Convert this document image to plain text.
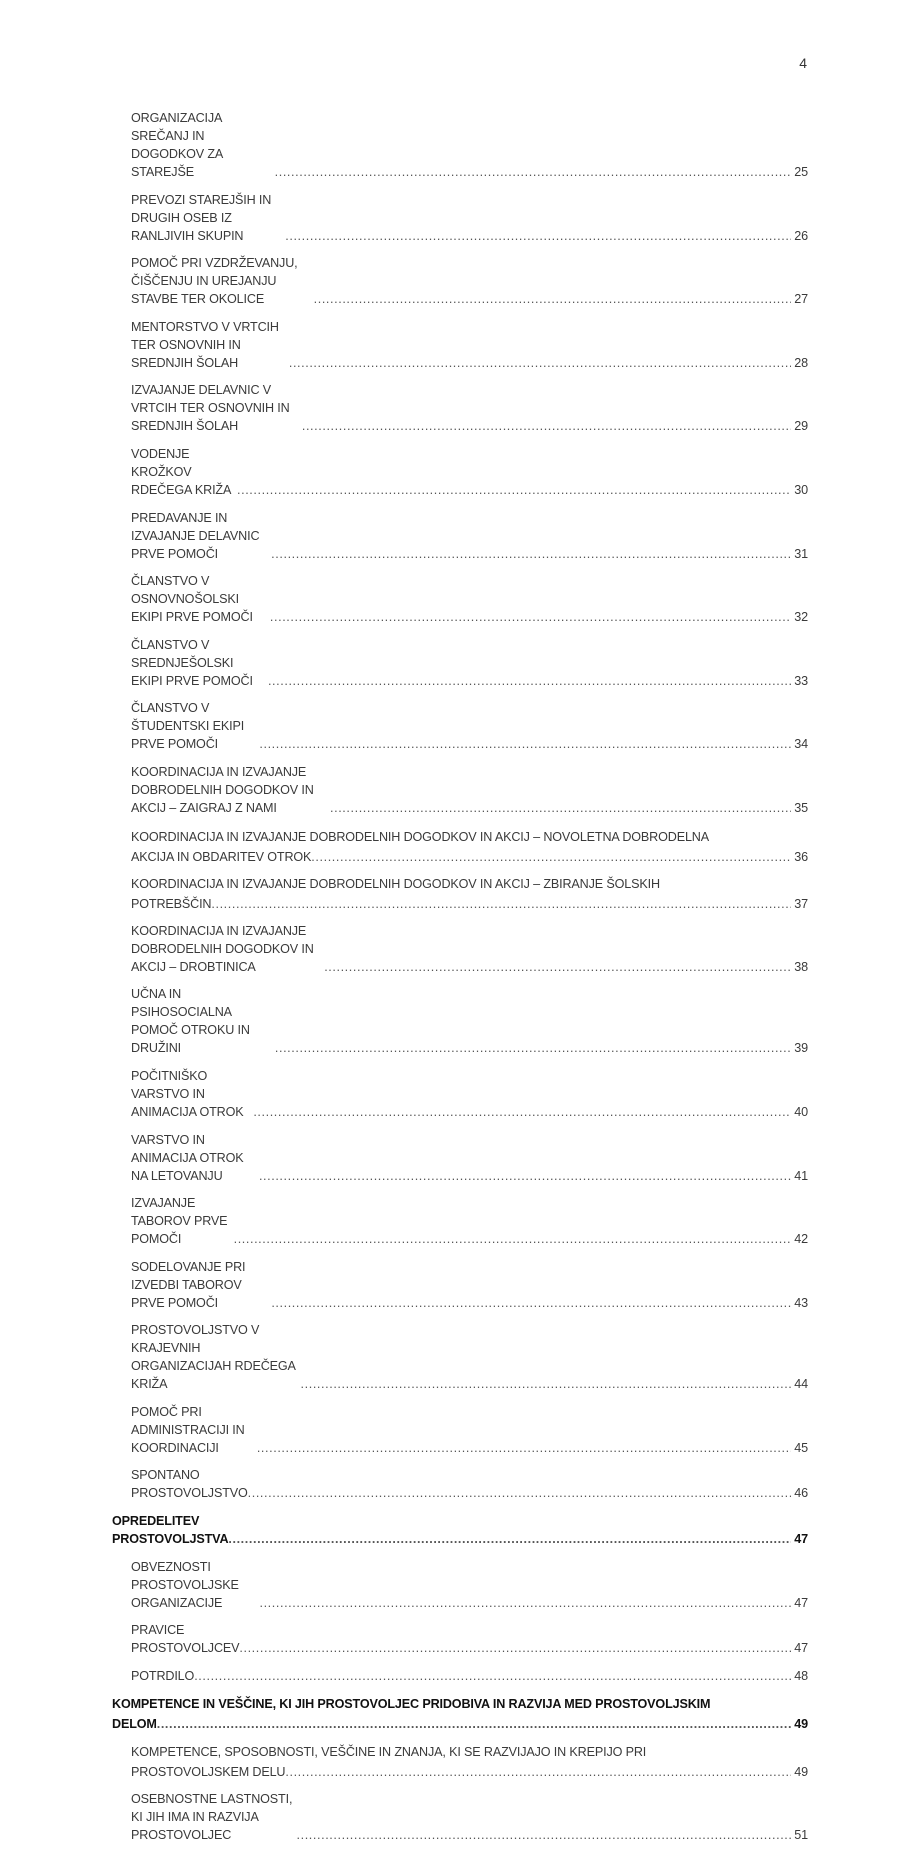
4
ORGANIZACIJA SREČANJ IN DOGODKOV ZA STAREJŠE .....	25
PREVOZI STAREJŠIH IN DRUGIH OSEB IZ RANLJIVIH SKUPIN .....	26
POMOČ PRI VZDRŽEVANJU, ČIŠČENJU IN UREJANJU STAVBE TER OKOLICE .....	27
MENTORSTVO V VRTCIH TER OSNOVNIH IN SREDNJIH ŠOLAH .....	28
IZVAJANJE DELAVNIC V VRTCIH TER OSNOVNIH IN SREDNJIH ŠOLAH .....	29
VODENJE KROŽKOV RDEČEGA KRIŽA .....	30
PREDAVANJE IN IZVAJANJE DELAVNIC PRVE POMOČI .....	31
ČLANSTVO V OSNOVNOŠOLSKI EKIPI PRVE POMOČI .....	32
ČLANSTVO V SREDNJEŠOLSKI EKIPI PRVE POMOČI .....	33
ČLANSTVO V ŠTUDENTSKI EKIPI PRVE POMOČI .....	34
KOORDINACIJA IN IZVAJANJE DOBRODELNIH DOGODKOV IN AKCIJ – ZAIGRAJ Z NAMI .....	35
KOORDINACIJA IN IZVAJANJE DOBRODELNIH DOGODKOV IN AKCIJ – NOVOLETNA DOBRODELNA
AKCIJA IN OBDARITEV OTROK .....	36
KOORDINACIJA IN IZVAJANJE DOBRODELNIH DOGODKOV IN AKCIJ – ZBIRANJE ŠOLSKIH
POTREBŠČIN .....	37
KOORDINACIJA IN IZVAJANJE DOBRODELNIH DOGODKOV IN AKCIJ – DROBTINICA .....	38
UČNA IN PSIHOSOCIALNA POMOČ OTROKU IN DRUŽINI .....	39
POČITNIŠKO VARSTVO IN ANIMACIJA OTROK .....	40
VARSTVO IN ANIMACIJA OTROK NA LETOVANJU .....	41
IZVAJANJE TABOROV PRVE POMOČI .....	42
SODELOVANJE PRI IZVEDBI TABOROV PRVE POMOČI .....	43
PROSTOVOLJSTVO V KRAJEVNIH ORGANIZACIJAH RDEČEGA KRIŽA .....	44
POMOČ PRI ADMINISTRACIJI IN KOORDINACIJI .....	45
SPONTANO PROSTOVOLJSTVO .....	46
OPREDELITEV PROSTOVOLJSTVA .....	47
OBVEZNOSTI PROSTOVOLJSKE ORGANIZACIJE .....	47
PRAVICE PROSTOVOLJCEV .....	47
POTRDILO .....	48
KOMPETENCE IN VEŠČINE, KI JIH PROSTOVOLJEC PRIDOBIVA IN RAZVIJA MED PROSTOVOLJSKIM
DELOM .....	49
KOMPETENCE, SPOSOBNOSTI, VEŠČINE IN ZNANJA, KI SE RAZVIJAJO IN KREPIJO PRI
PROSTOVOLJSKEM DELU .....	49
OSEBNOSTNE LASTNOSTI, KI JIH IMA IN RAZVIJA PROSTOVOLJEC .....	51
